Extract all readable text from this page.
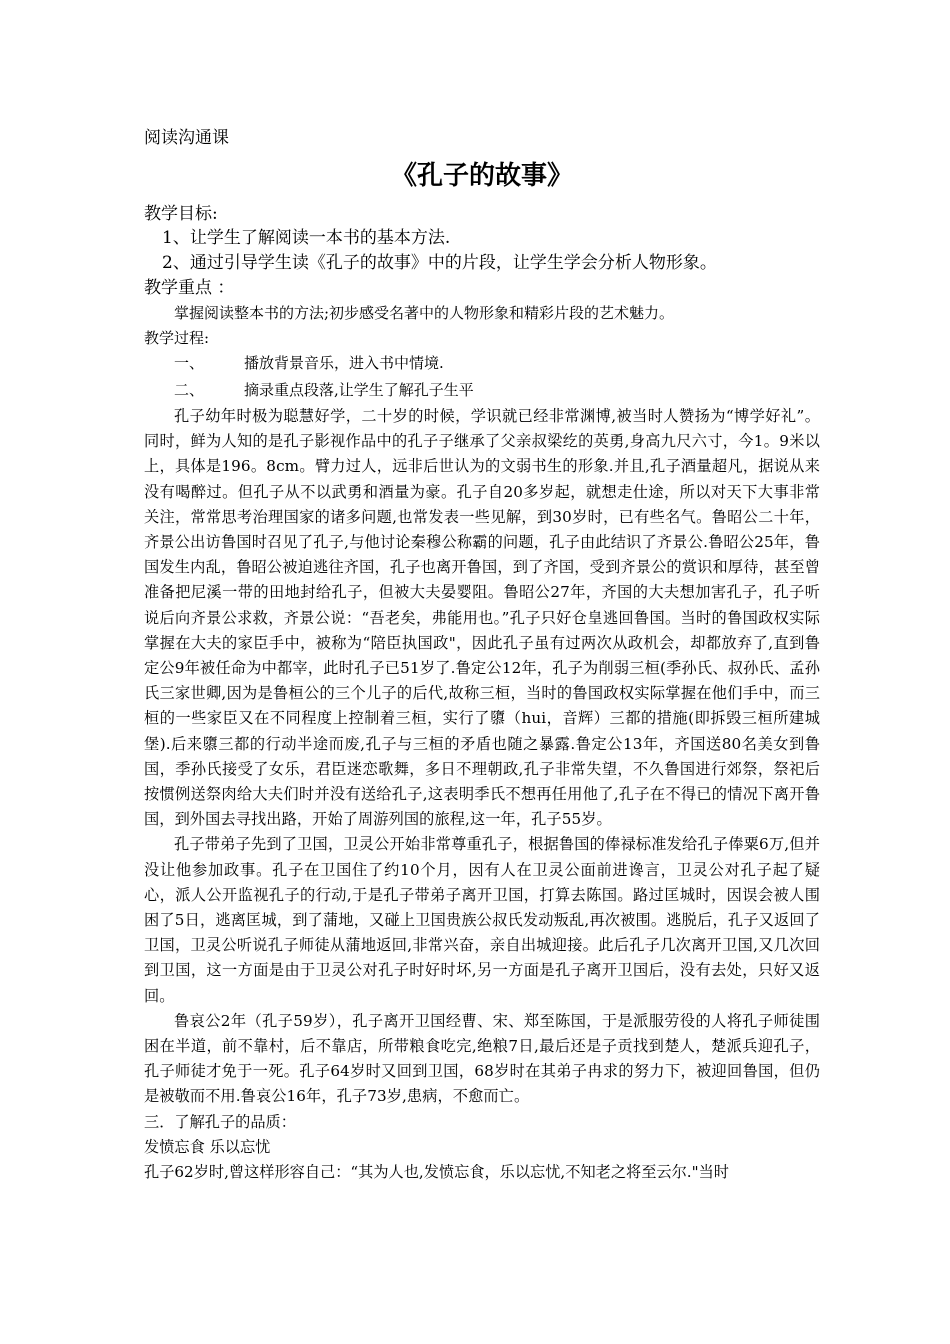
阅读沟通课

《孔子的故事》

教学目标:

1、让学生了解阅读一本书的基本方法.

2、通过引导学生读《孔子的故事》中的片段，让学生学会分析人物形象。

教学重点 ：

掌握阅读整本书的方法;初步感受名著中的人物形象和精彩片段的艺术魅力。

教学过程:

一、	播放背景音乐，进入书中情境.

二、	摘录重点段落,让学生了解孔子生平

孔子幼年时极为聪慧好学，二十岁的时候，学识就已经非常渊博,被当时人赞扬为“博学好礼”。同时，鲜为人知的是孔子影视作品中的孔子子继承了父亲叔梁纥的英勇,身高九尺六寸，今1。9米以上，具体是196。8cm。臂力过人，远非后世认为的文弱书生的形象.并且,孔子酒量超凡，据说从来没有喝醉过。但孔子从不以武勇和酒量为豪。孔子自20多岁起，就想走仕途，所以对天下大事非常关注，常常思考治理国家的诸多问题,也常发表一些见解，到30岁时，已有些名气。鲁昭公二十年，齐景公出访鲁国时召见了孔子,与他讨论秦穆公称霸的问题，孔子由此结识了齐景公.鲁昭公25年，鲁国发生内乱，鲁昭公被迫逃往齐国，孔子也离开鲁国，到了齐国，受到齐景公的赏识和厚待，甚至曾准备把尼溪一带的田地封给孔子，但被大夫晏婴阻。鲁昭公27年，齐国的大夫想加害孔子，孔子听说后向齐景公求救，齐景公说：“吾老矣，弗能用也。”孔子只好仓皇逃回鲁国。当时的鲁国政权实际掌握在大夫的家臣手中，被称为“陪臣执国政"，因此孔子虽有过两次从政机会，却都放弃了,直到鲁定公9年被任命为中都宰，此时孔子已51岁了.鲁定公12年，孔子为削弱三桓(季孙氏、叔孙氏、孟孙氏三家世卿,因为是鲁桓公的三个儿子的后代,故称三桓，当时的鲁国政权实际掌握在他们手中，而三桓的一些家臣又在不同程度上控制着三桓，实行了隳（hui，音辉）三都的措施(即拆毁三桓所建城堡).后来隳三都的行动半途而废,孔子与三桓的矛盾也随之暴露.鲁定公13年，齐国送80名美女到鲁国，季孙氏接受了女乐，君臣迷恋歌舞，多日不理朝政,孔子非常失望，不久鲁国进行郊祭，祭祀后按惯例送祭肉给大夫们时并没有送给孔子,这表明季氏不想再任用他了,孔子在不得已的情况下离开鲁国，到外国去寻找出路，开始了周游列国的旅程,这一年，孔子55岁。

孔子带弟子先到了卫国，卫灵公开始非常尊重孔子，根据鲁国的俸禄标准发给孔子俸粟6万,但并没让他参加政事。孔子在卫国住了约10个月，因有人在卫灵公面前进谗言，卫灵公对孔子起了疑心，派人公开监视孔子的行动,于是孔子带弟子离开卫国，打算去陈国。路过匡城时，因误会被人围困了5日，逃离匡城，到了蒲地，又碰上卫国贵族公叔氏发动叛乱,再次被围。逃脱后，孔子又返回了卫国，卫灵公听说孔子师徒从蒲地返回,非常兴奋，亲自出城迎接。此后孔子几次离开卫国,又几次回到卫国，这一方面是由于卫灵公对孔子时好时坏,另一方面是孔子离开卫国后，没有去处，只好又返回。

鲁哀公2年（孔子59岁），孔子离开卫国经曹、宋、郑至陈国，于是派服劳役的人将孔子师徒围困在半道，前不靠村，后不靠店，所带粮食吃完,绝粮7日,最后还是子贡找到楚人，楚派兵迎孔子，孔子师徒才免于一死。孔子64岁时又回到卫国，68岁时在其弟子冉求的努力下，被迎回鲁国，但仍是被敬而不用.鲁哀公16年，孔子73岁,患病，不愈而亡。

三．了解孔子的品质：

发愤忘食 乐以忘忧

孔子62岁时,曾这样形容自己：“其为人也,发愤忘食，乐以忘忧,不知老之将至云尔."当时
